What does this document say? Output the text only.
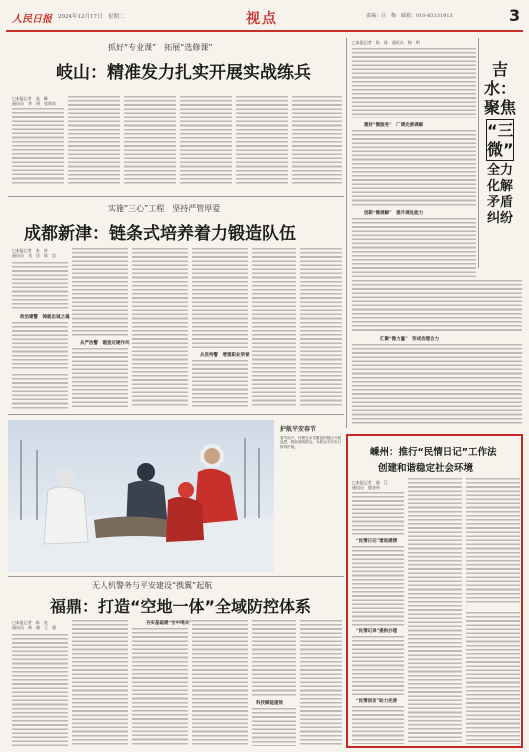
人民日报 2024年12月17日　星期二	视点	责编：吕　梅　邮箱：010-83131913	3
抓好“专业课”　拓展“选修课”
岐山：精准发力扎实开展实战练兵
□本报记者　高　峰
通讯员　李　明　张海东
实施“三心”工程　坚持严管厚爱
成都新津：链条式培养着力锻造队伍
□本报记者　张　涛
通讯员　刘　洋　陈　浩
政治建警　铸就忠诚之魂
从严治警　锻造过硬作风
从优待警　增强职业荣誉
护航平安春节
春节前夕，民警在冰雪覆盖的辖区开展巡逻，救助被困群众，为群众平安出行保驾护航。
无人机警务与平安建设“携翼”起航
福鼎：打造“空地一体”全域防控体系
□本报记者　陈　亮
通讯员　林　晓　王　强
夯实基础建“空中哨兵”
科技赋能提效
□本报记者　陈　琦　通讯员　杨　明
建好“微服务”　厂调完善调解
创新“微调解”　提升调处能力
汇聚“微力量”　形成治理合力
吉水：
聚焦
“三微”
全力化解矛盾纠纷
嵊州：推行“民情日记”工作法
创建和谐稳定社会环境
□本报记者　俞　江
通讯员　楼金伟
“民情日记”增进感情
“民情记录”提供办理
“民情回访”助力完善
